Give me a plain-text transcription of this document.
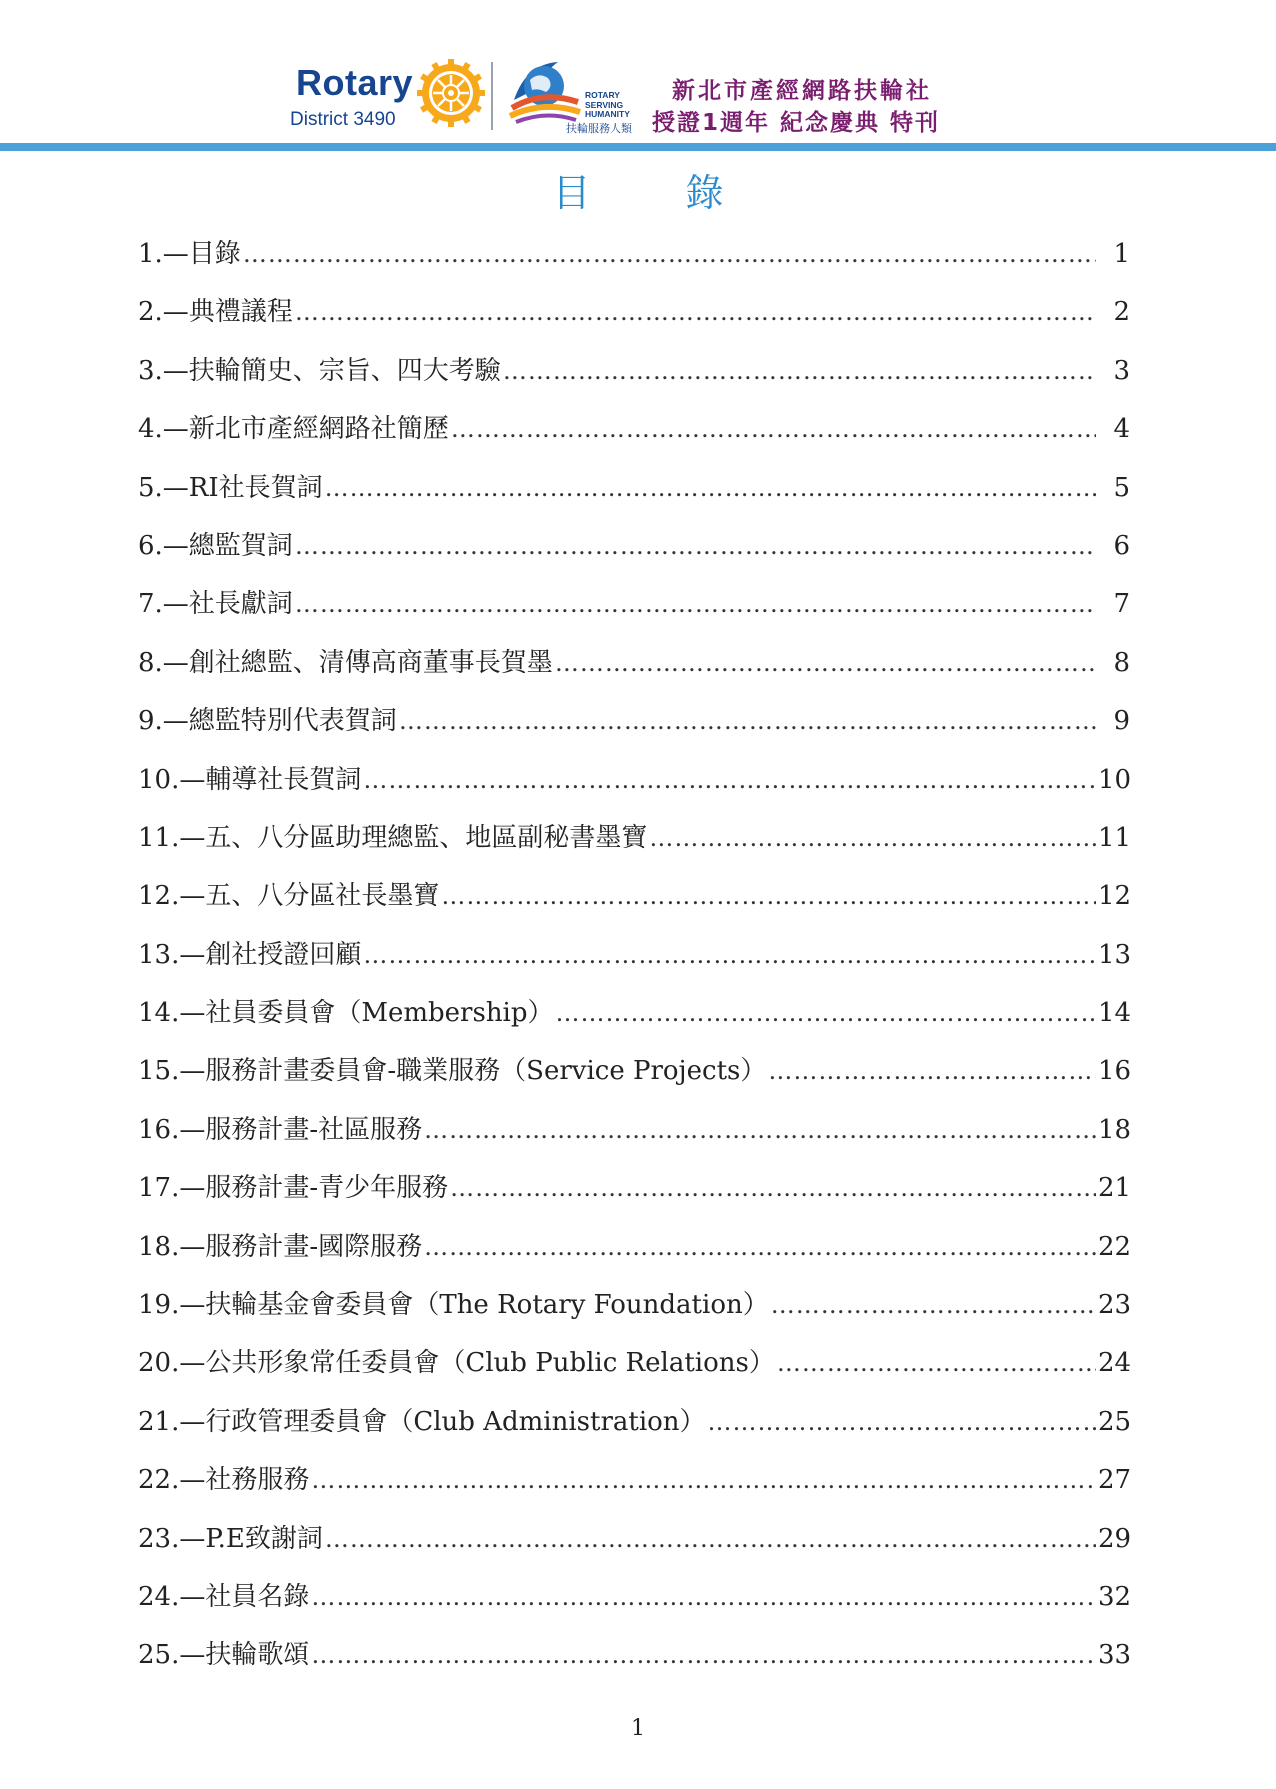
Rotary
District 3490
ROTARY
SERVING
HUMANITY
扶輪服務人類
新北市產經網路扶輪社
授證1週年 紀念慶典 特刊
目錄
1.—目錄 …………………………………………………………………………………………………………………………………………………………………………………………	1
2.—典禮議程 …………………………………………………………………………………………………………………………………………………………………………………………	2
3.—扶輪簡史、宗旨、四大考驗 …………………………………………………………………………………………………………………………………………………………………………………………	3
4.—新北市產經網路社簡歷 …………………………………………………………………………………………………………………………………………………………………………………………	4
5.—RI社長賀詞 …………………………………………………………………………………………………………………………………………………………………………………………	5
6.—總監賀詞 …………………………………………………………………………………………………………………………………………………………………………………………	6
7.—社長獻詞 …………………………………………………………………………………………………………………………………………………………………………………………	7
8.—創社總監、清傳高商董事長賀墨 …………………………………………………………………………………………………………………………………………………………………………………………	8
9.—總監特別代表賀詞 …………………………………………………………………………………………………………………………………………………………………………………………	9
10.—輔導社長賀詞 …………………………………………………………………………………………………………………………………………………………………………………………	10
11.—五、八分區助理總監、地區副秘書墨寶 …………………………………………………………………………………………………………………………………………………………………………………………	11
12.—五、八分區社長墨寶 …………………………………………………………………………………………………………………………………………………………………………………………	12
13.—創社授證回顧 …………………………………………………………………………………………………………………………………………………………………………………………	13
14.—社員委員會（Membership） …………………………………………………………………………………………………………………………………………………………………………………………	14
15.—服務計畫委員會-職業服務（Service Projects） …………………………………………………………………………………………………………………………………………………………………………………………	16
16.—服務計畫-社區服務 …………………………………………………………………………………………………………………………………………………………………………………………	18
17.—服務計畫-青少年服務 …………………………………………………………………………………………………………………………………………………………………………………………	21
18.—服務計畫-國際服務 …………………………………………………………………………………………………………………………………………………………………………………………	22
19.—扶輪基金會委員會（The Rotary Foundation） …………………………………………………………………………………………………………………………………………………………………………………………	23
20.—公共形象常任委員會（Club Public Relations） …………………………………………………………………………………………………………………………………………………………………………………………	24
21.—行政管理委員會（Club Administration） …………………………………………………………………………………………………………………………………………………………………………………………	25
22.—社務服務 …………………………………………………………………………………………………………………………………………………………………………………………	27
23.—P.E致謝詞 …………………………………………………………………………………………………………………………………………………………………………………………	29
24.—社員名錄 …………………………………………………………………………………………………………………………………………………………………………………………	32
25.—扶輪歌頌 …………………………………………………………………………………………………………………………………………………………………………………………	33
1
